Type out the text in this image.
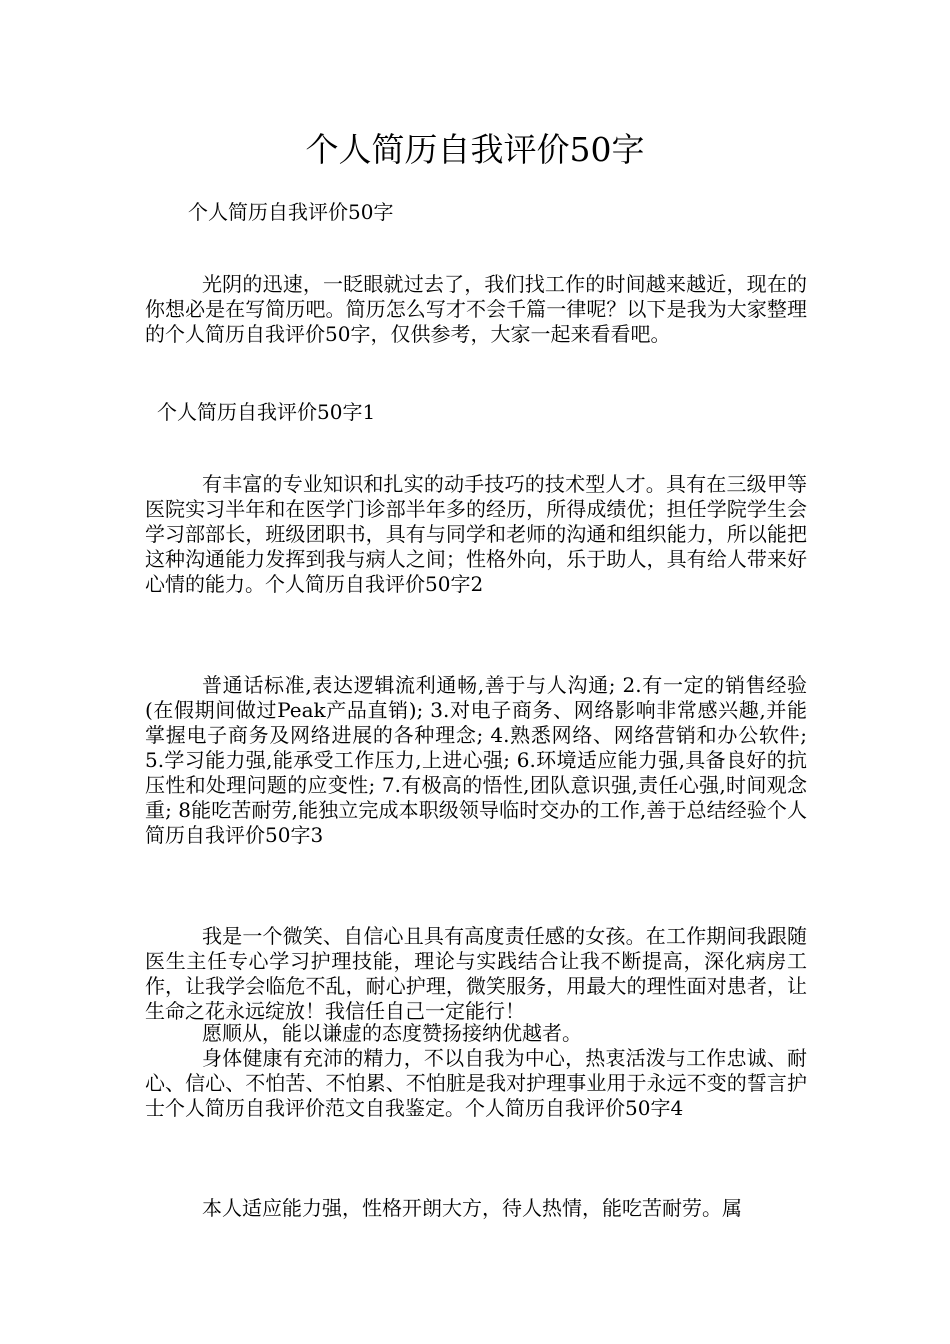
个人简历自我评价50字

个人简历自我评价50字

光阴的迅速，一眨眼就过去了，我们找工作的时间越来越近，现在的你想必是在写简历吧。简历怎么写才不会千篇一律呢？以下是我为大家整理的个人简历自我评价50字，仅供参考，大家一起来看看吧。

个人简历自我评价50字1

有丰富的专业知识和扎实的动手技巧的技术型人才。具有在三级甲等医院实习半年和在医学门诊部半年多的经历，所得成绩优；担任学院学生会学习部部长，班级团职书，具有与同学和老师的沟通和组织能力，所以能把这种沟通能力发挥到我与病人之间；性格外向，乐于助人，具有给人带来好心情的能力。个人简历自我评价50字2

普通话标准,表达逻辑流利通畅,善于与人沟通; 2.有一定的销售经验(在假期间做过Peak产品直销); 3.对电子商务、网络影响非常感兴趣,并能掌握电子商务及网络进展的各种理念; 4.熟悉网络、网络营销和办公软件; 5.学习能力强,能承受工作压力,上进心强; 6.环境适应能力强,具备良好的抗压性和处理问题的应变性; 7.有极高的悟性,团队意识强,责任心强,时间观念重; 8能吃苦耐劳,能独立完成本职级领导临时交办的工作,善于总结经验个人简历自我评价50字3

我是一个微笑、自信心且具有高度责任感的女孩。在工作期间我跟随医生主任专心学习护理技能，理论与实践结合让我不断提高，深化病房工作，让我学会临危不乱，耐心护理，微笑服务，用最大的理性面对患者，让生命之花永远绽放！我信任自己一定能行！

愿顺从，能以谦虚的态度赞扬接纳优越者。

身体健康有充沛的精力，不以自我为中心，热衷活泼与工作忠诚、耐心、信心、不怕苦、不怕累、不怕脏是我对护理事业用于永远不变的誓言护士个人简历自我评价范文自我鉴定。个人简历自我评价50字4

本人适应能力强，性格开朗大方，待人热情，能吃苦耐劳。属
